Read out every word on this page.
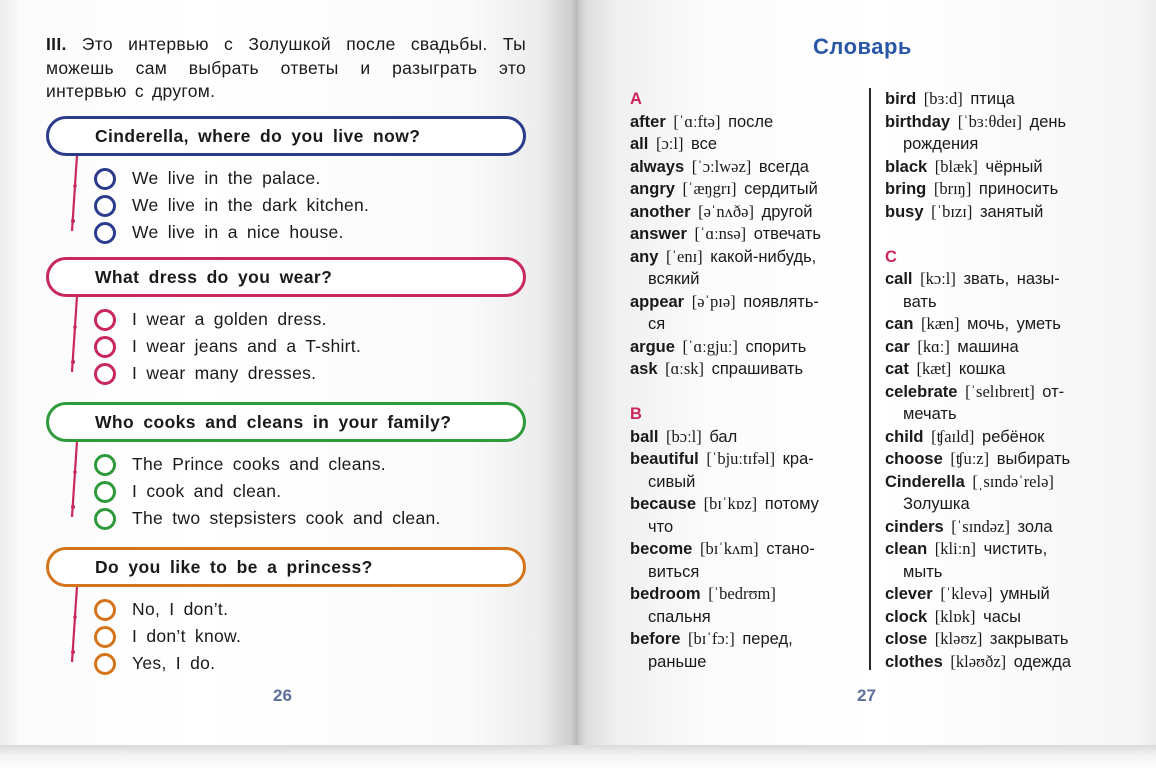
III. Это интервью с Золушкой после свадьбы. Ты можешь сам выбрать ответы и разыграть это интервью с другом.
Cinderella, where do you live now?
We live in the palace.
We live in the dark kitchen.
We live in a nice house.
What dress do you wear?
I wear a golden dress.
I wear jeans and a T-shirt.
I wear many dresses.
Who cooks and cleans in your family?
The Prince cooks and cleans.
I cook and clean.
The two stepsisters cook and clean.
Do you like to be a princess?
No, I don’t.
I don’t know.
Yes, I do.
26
Словарь
A
after [ˈɑːftə] после
all [ɔːl] все
always [ˈɔːlwəz] всегда
angry [ˈæŋgrɪ] сердитый
another [əˈnʌðə] другой
answer [ˈɑːnsə] отвечать
any [ˈenɪ] какой-нибудь,
всякий
appear [əˈpɪə] появлять-
ся
argue [ˈɑːgjuː] спорить
ask [ɑːsk] спрашивать
B
ball [bɔːl] бал
beautiful [ˈbjuːtɪfəl] кра-
сивый
because [bɪˈkɒz] потому
что
become [bɪˈkʌm] стано-
виться
bedroom [ˈbedrʊm]
спальня
before [bɪˈfɔː] перед,
раньше
bird [bɜːd] птица
birthday [ˈbɜːθdeɪ] день
рождения
black [blæk] чёрный
bring [brɪŋ] приносить
busy [ˈbɪzɪ] занятый
C
call [kɔːl] звать, назы-
вать
can [kæn] мочь, уметь
car [kɑː] машина
cat [kæt] кошка
celebrate [ˈselɪbreɪt] от-
мечать
child [ʧaɪld] ребёнок
choose [ʧuːz] выбирать
Cinderella [ˌsɪndəˈrelə]
Золушка
cinders [ˈsɪndəz] зола
clean [kliːn] чистить,
мыть
clever [ˈklevə] умный
clock [klɒk] часы
close [kləʊz] закрывать
clothes [kləʊðz] одежда
27
